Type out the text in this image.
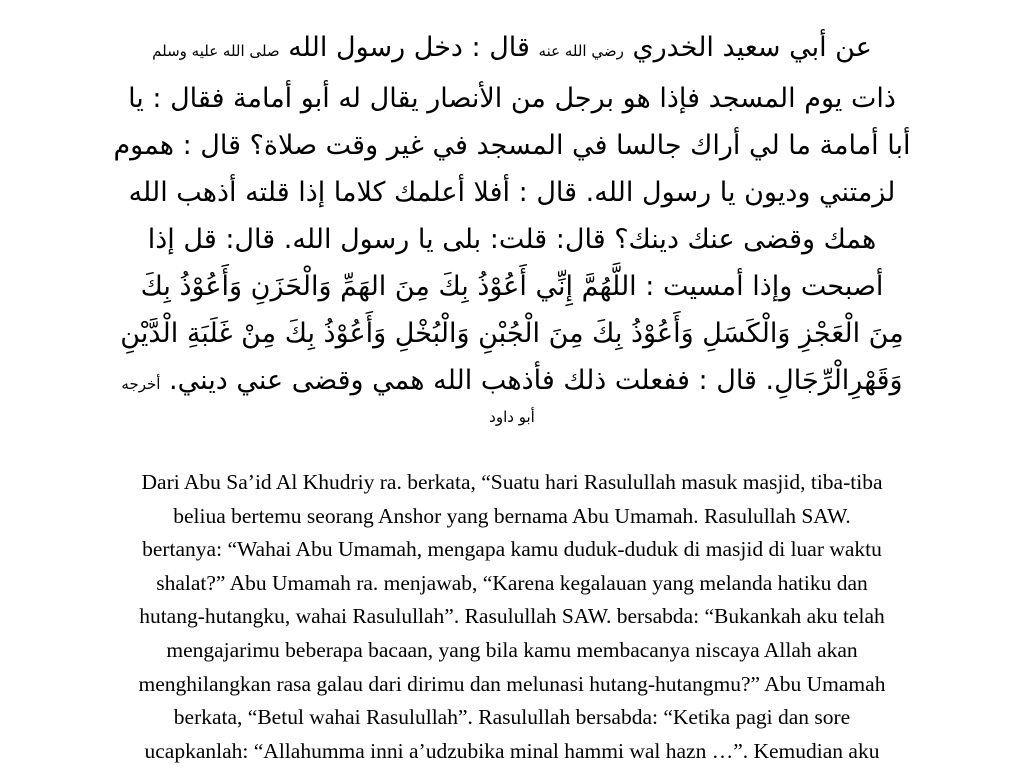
عن أبي سعيد الخدري رضي الله عنه قال : دخل رسول الله صلى الله عليه وسلم
ذات يوم المسجد فإذا هو برجل من الأنصار يقال له أبو أمامة فقال : يا
أبا أمامة ما لي أراك جالسا في المسجد في غير وقت صلاة؟ قال : هموم
لزمتني وديون يا رسول الله. قال : أفلا أعلمك كلاما إذا قلته أذهب الله
همك وقضى عنك دينك؟ قال: قلت: بلى يا رسول الله. قال: قل إذا
أصبحت وإذا أمسيت : اللَّهُمَّ إِنِّي أَعُوْذُ بِكَ مِنَ الهَمِّ وَالْحَزَنِ وَأَعُوْذُ بِكَ
مِنَ الْعَجْزِ وَالْكَسَلِ وَأَعُوْذُ بِكَ مِنَ الْجُبْنِ وَالْبُخْلِ وَأَعُوْذُ بِكَ مِنْ غَلَبَةِ الْدَّيْنِ
وَقَهْرِالْرِّجَالِ. قال : ففعلت ذلك فأذهب الله همي وقضى عني ديني. أخرجه
أبو داود
Dari Abu Sa’id Al Khudriy ra. berkata, “Suatu hari Rasulullah masuk masjid, tiba-tiba
beliua bertemu seorang Anshor yang bernama Abu Umamah. Rasulullah SAW.
bertanya: “Wahai Abu Umamah, mengapa kamu duduk-duduk di masjid di luar waktu
shalat?” Abu Umamah ra. menjawab, “Karena kegalauan yang melanda hatiku dan
hutang-hutangku, wahai Rasulullah”. Rasulullah SAW. bersabda: “Bukankah aku telah
mengajarimu beberapa bacaan, yang bila kamu membacanya niscaya Allah akan
menghilangkan rasa galau dari dirimu dan melunasi hutang-hutangmu?” Abu Umamah
berkata, “Betul wahai Rasulullah”. Rasulullah bersabda: “Ketika pagi dan sore
ucapkanlah: “Allahumma inni a’udzubika minal hammi wal hazn …”. Kemudian aku
